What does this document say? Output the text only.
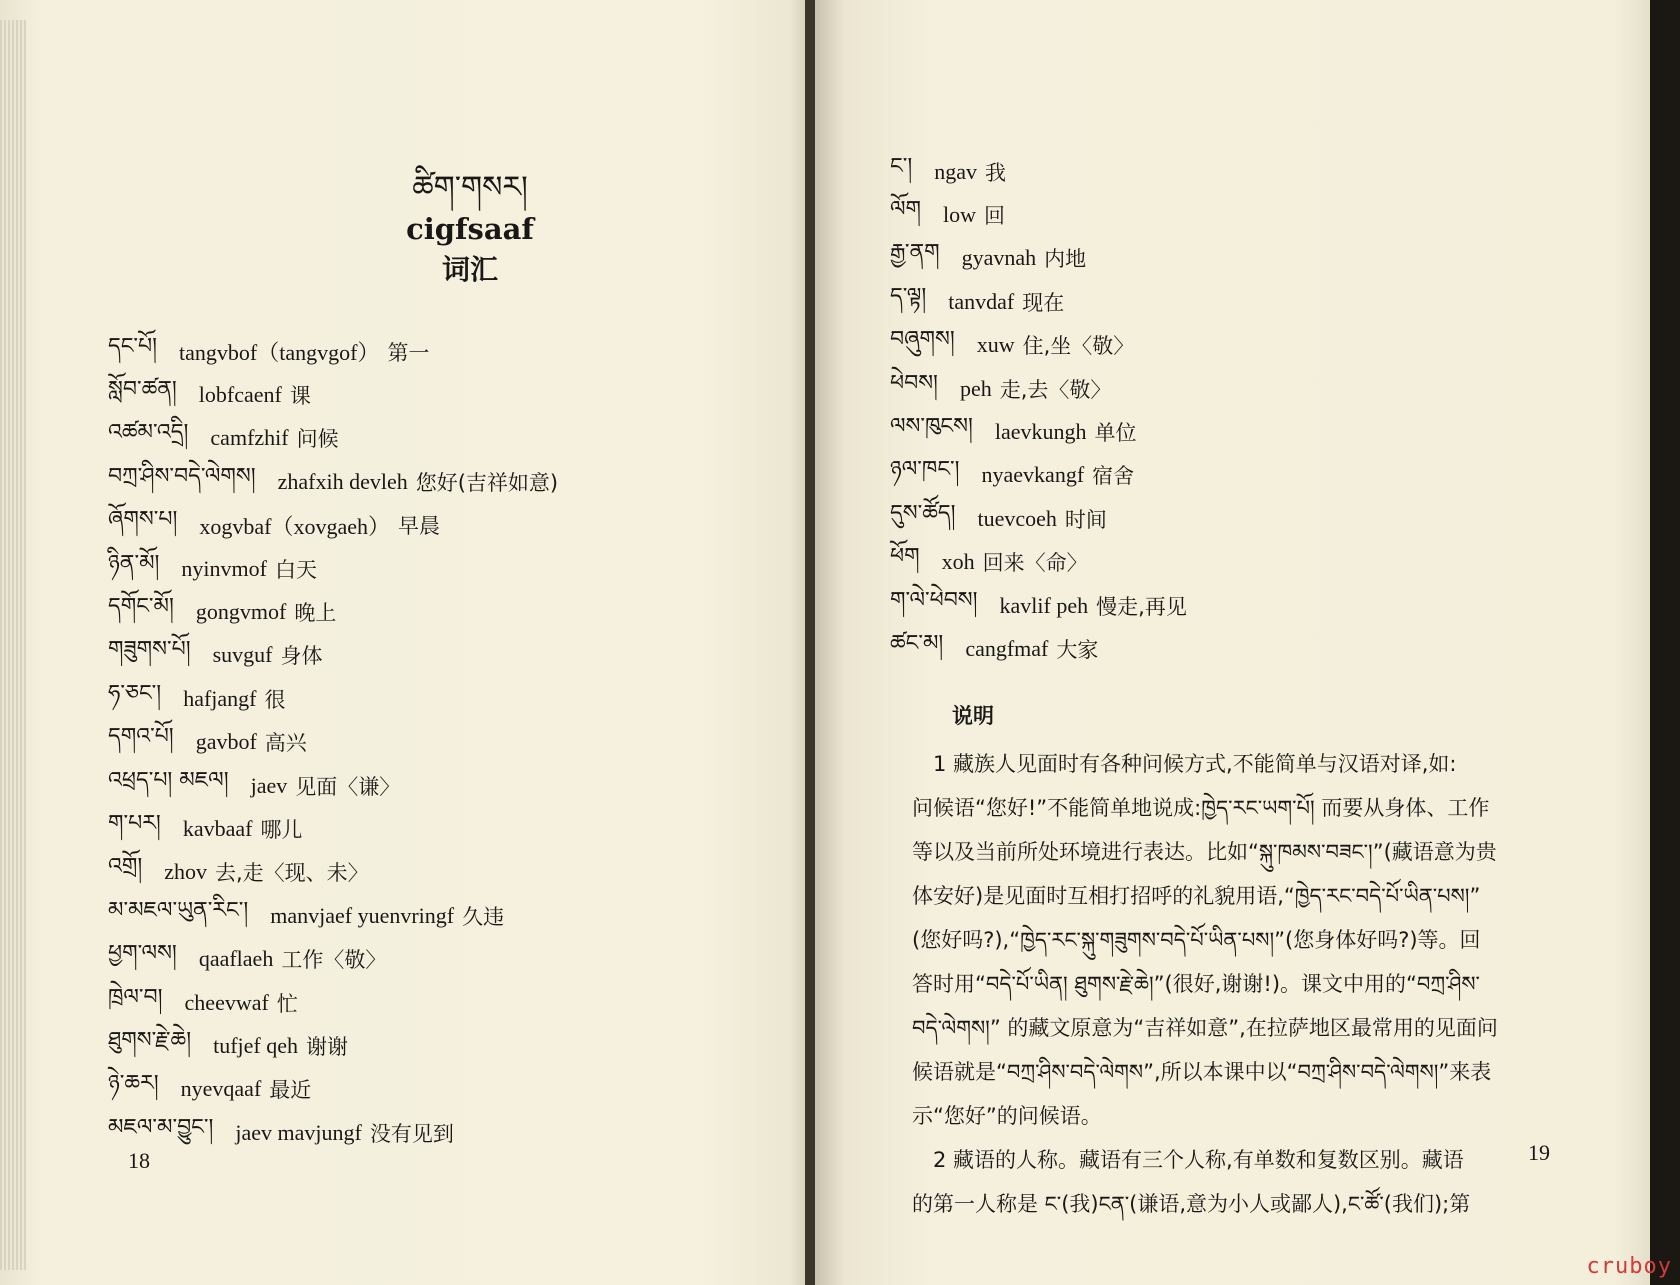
ཚིག་གསར།
cigfsaaf
词汇
དང་པོ། tangvbof（tangvgof） 第一
སློབ་ཚན། lobfcaenf 课
འཚམ་འདྲི། camfzhif 问候
བཀྲ་ཤིས་བདེ་ལེགས། zhafxih devleh 您好(吉祥如意)
ཞོགས་པ། xogvbaf（xovgaeh） 早晨
ཉིན་མོ། nyinvmof 白天
དགོང་མོ། gongvmof 晚上
གཟུགས་པོ། suvguf 身体
ཧ་ཅང་། hafjangf 很
དགའ་པོ། gavbof 高兴
འཕྲད་པ། མཇལ། jaev 见面〈谦〉
ག་པར། kavbaaf 哪儿
འགྲོ། zhov 去,走〈现、未〉
མ་མཇལ་ཡུན་རིང་། manvjaef yuenvringf 久违
ཕྱག་ལས། qaaflaeh 工作〈敬〉
ཁྲེལ་བ། cheevwaf 忙
ཐུགས་རྗེ་ཆེ། tufjef qeh 谢谢
ཉེ་ཆར། nyevqaaf 最近
མཇལ་མ་བྱུང་། jaev mavjungf 没有见到
18
ང་། ngav 我
ལོག low 回
རྒྱ་ནག gyavnah 内地
ད་ལྟ། tanvdaf 现在
བཞུགས། xuw 住,坐〈敬〉
ཕེབས། peh 走,去〈敬〉
ལས་ཁུངས། laevkungh 单位
ཉལ་ཁང་། nyaevkangf 宿舍
དུས་ཚོད། tuevcoeh 时间
ཕོག xoh 回来〈命〉
ག་ལེ་ཕེབས། kavlif peh 慢走,再见
ཚང་མ། cangfmaf 大家
说明
　1 藏族人见面时有各种问候方式,不能简单与汉语对译,如:
问候语“您好!”不能简单地说成:ཁྱེད་རང་ཡག་པོ། 而要从身体、工作
等以及当前所处环境进行表达。比如“སྐུ་ཁམས་བཟང་།”(藏语意为贵
体安好)是见面时互相打招呼的礼貌用语,“ཁྱེད་རང་བདེ་པོ་ཡིན་པས།”
(您好吗?),“ཁྱེད་རང་སྐུ་གཟུགས་བདེ་པོ་ཡིན་པས།”(您身体好吗?)等。回
答时用“བདེ་པོ་ཡིན། ཐུགས་རྗེ་ཆེ།”(很好,谢谢!)。课文中用的“བཀྲ་ཤིས་
བདེ་ལེགས།” 的藏文原意为“吉祥如意”,在拉萨地区最常用的见面问
候语就是“བཀྲ་ཤིས་བདེ་ལེགས”,所以本课中以“བཀྲ་ཤིས་བདེ་ལེགས།”来表
示“您好”的问候语。
　2 藏语的人称。藏语有三个人称,有单数和复数区别。藏语
的第一人称是 ང་(我)ངན་(谦语,意为小人或鄙人),ང་ཚོ་(我们);第
19
cruboy
